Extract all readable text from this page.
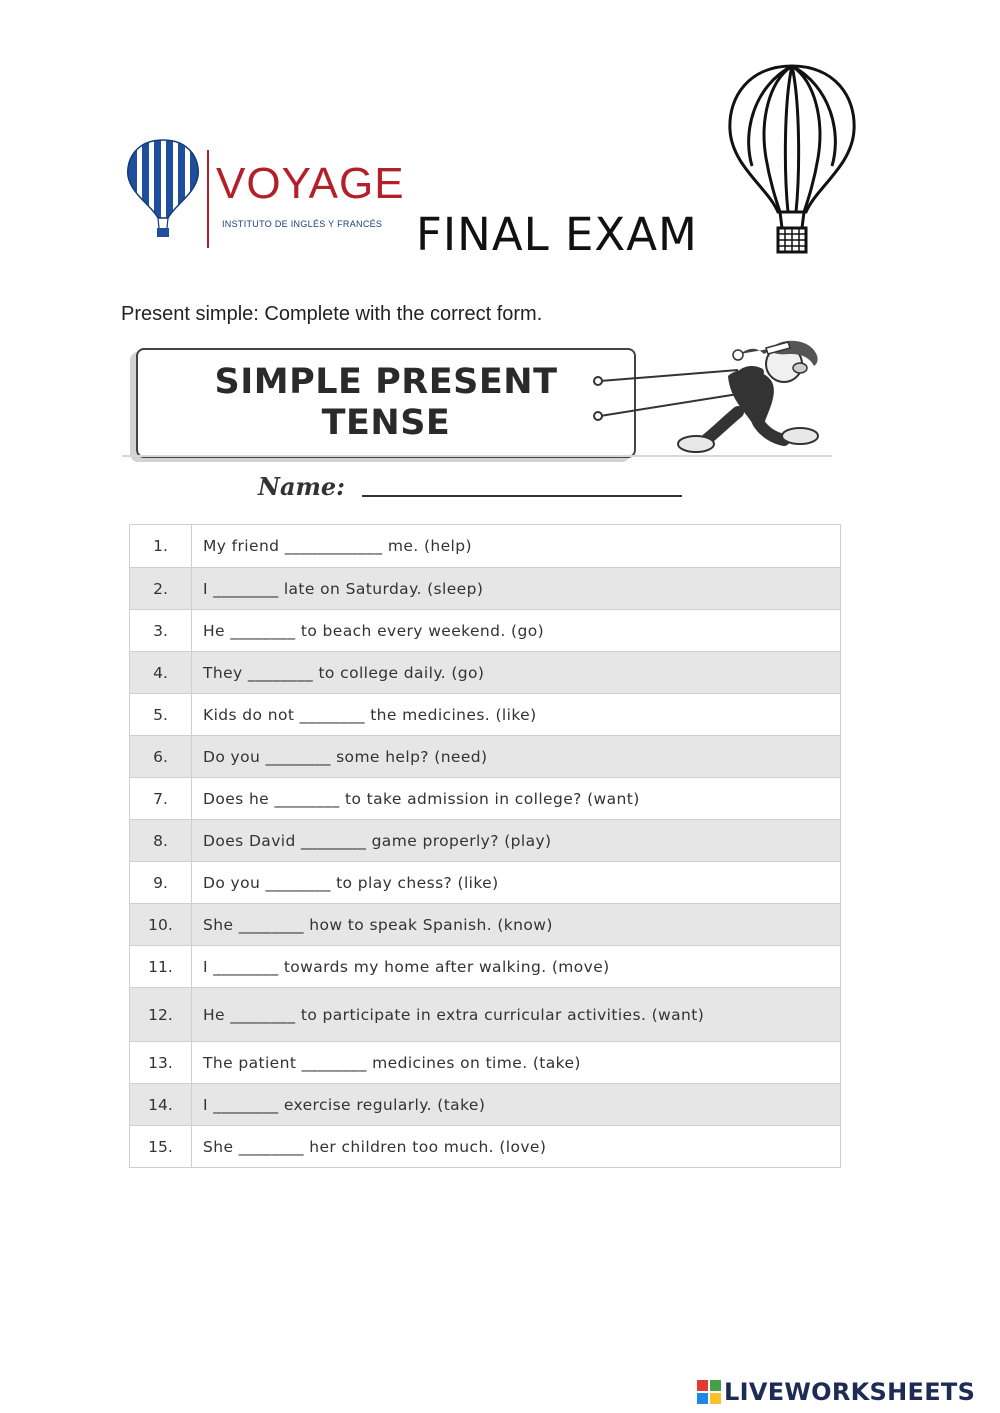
VOYAGE
INSTITUTO DE INGLÉS Y FRANCÉS FINAL EXAM
Present simple: Complete with the correct form.
SIMPLE PRESENT
TENSE
Name:
1.	My friend ____________ me. (help)
2.	I ________ late on Saturday. (sleep)
3.	He ________ to beach every weekend. (go)
4.	They ________ to college daily. (go)
5.	Kids do not ________ the medicines. (like)
6.	Do you ________ some help? (need)
7.	Does he ________ to take admission in college? (want)
8.	Does David ________ game properly? (play)
9.	Do you ________ to play chess? (like)
10.	She ________ how to speak Spanish. (know)
11.	I ________ towards my home after walking. (move)
12.	He ________ to participate in extra curricular activities. (want)
13.	The patient ________ medicines on time. (take)
14.	I ________ exercise regularly. (take)
15.	She ________ her children too much. (love)
LIVEWORKSHEETS
